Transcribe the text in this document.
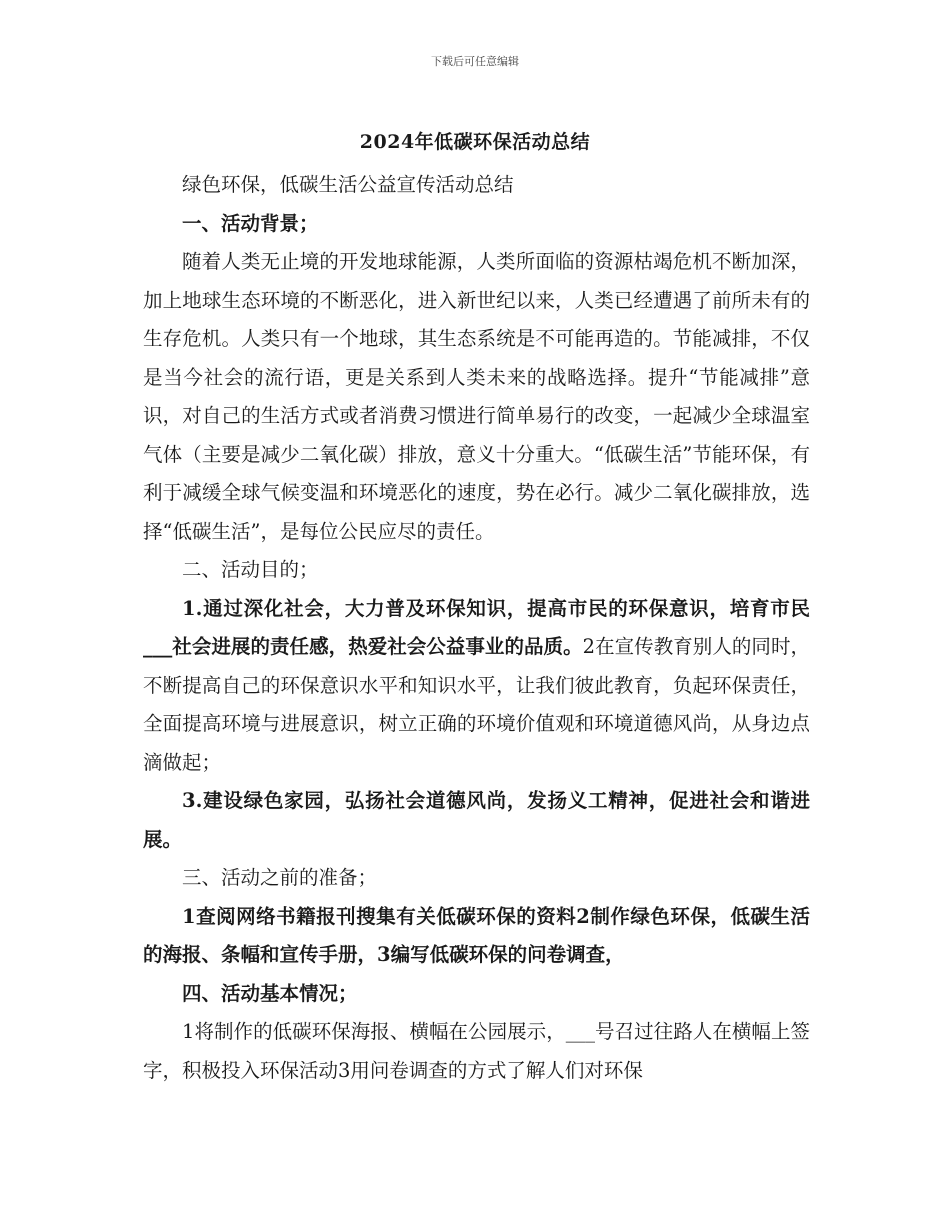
下载后可任意编辑
2024年低碳环保活动总结

绿色环保，低碳生活公益宣传活动总结

一、活动背景；

随着人类无止境的开发地球能源，人类所面临的资源枯竭危机不断加深，加上地球生态环境的不断恶化，进入新世纪以来，人类已经遭遇了前所未有的生存危机。人类只有一个地球，其生态系统是不可能再造的。节能减排，不仅是当今社会的流行语，更是关系到人类未来的战略选择。提升“节能减排”意识，对自己的生活方式或者消费习惯进行简单易行的改变，一起减少全球温室气体（主要是减少二氧化碳）排放，意义十分重大。“低碳生活”节能环保，有利于减缓全球气候变温和环境恶化的速度，势在必行。减少二氧化碳排放，选择“低碳生活”，是每位公民应尽的责任。

二、活动目的；

1.通过深化社会，大力普及环保知识，提高市民的环保意识，培育市民___社会进展的责任感，热爱社会公益事业的品质。2在宣传教育别人的同时，不断提高自己的环保意识水平和知识水平，让我们彼此教育，负起环保责任，全面提高环境与进展意识，树立正确的环境价值观和环境道德风尚，从身边点滴做起；

3.建设绿色家园，弘扬社会道德风尚，发扬义工精神，促进社会和谐进展。

三、活动之前的准备；

1查阅网络书籍报刊搜集有关低碳环保的资料2制作绿色环保，低碳生活的海报、条幅和宣传手册，3编写低碳环保的问卷调查，

四、活动基本情况；

1将制作的低碳环保海报、横幅在公园展示，___号召过往路人在横幅上签字，积极投入环保活动3用问卷调查的方式了解人们对环保
